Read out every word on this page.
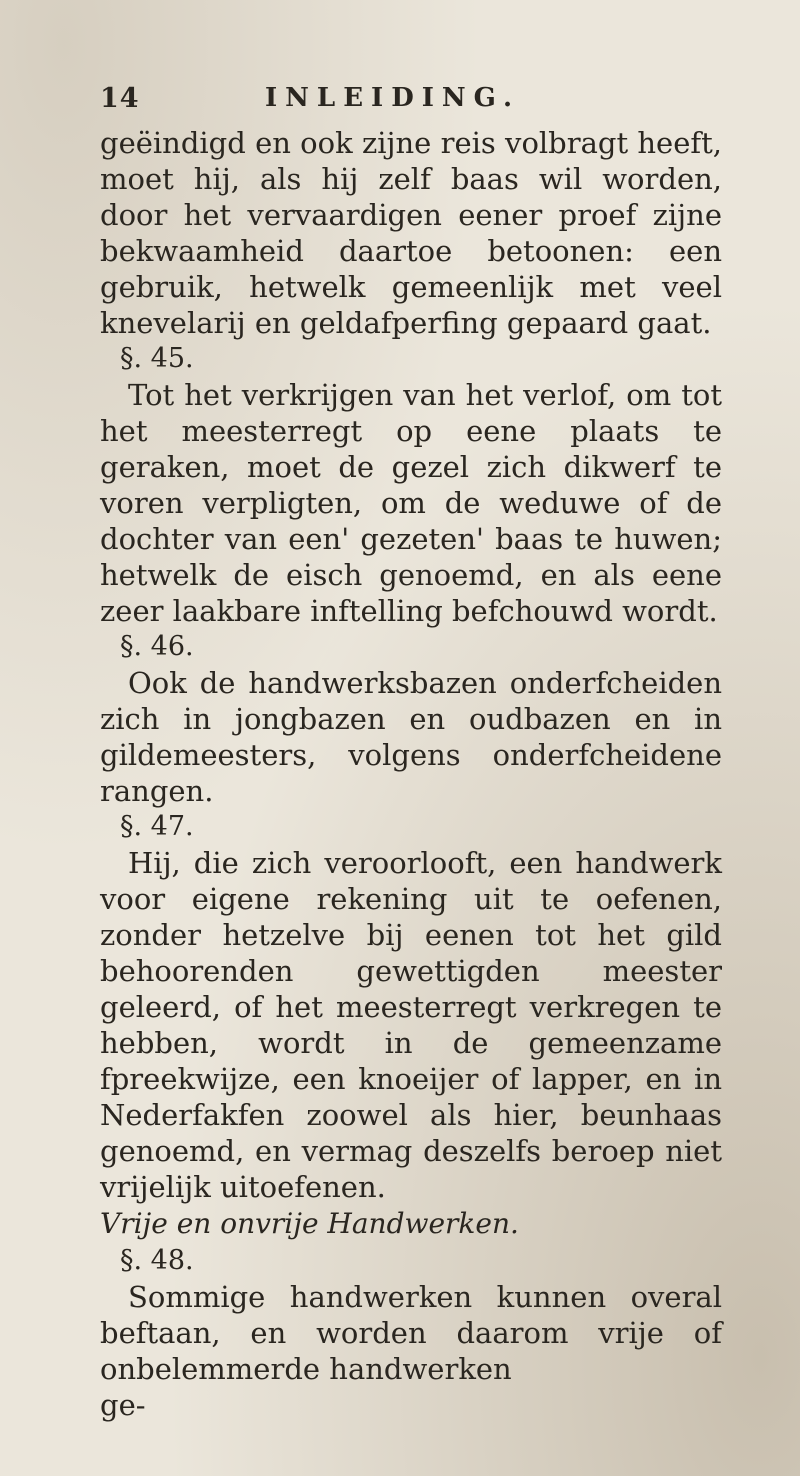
14	INLEIDING.

geëindigd en ook zijne reis volbragt heeft, moet hij, als hij zelf baas wil worden, door het vervaardigen eener proef zijne bekwaamheid daartoe betoonen: een gebruik, hetwelk gemeenlijk met veel knevelarij en geldafperfing gepaard gaat.

§. 45.

Tot het verkrijgen van het verlof, om tot het meesterregt op eene plaats te geraken, moet de gezel zich dikwerf te voren verpligten, om de weduwe of de dochter van een' gezeten' baas te huwen; hetwelk de eisch genoemd, en als eene zeer laakbare inftelling befchouwd wordt.

§. 46.

Ook de handwerksbazen onderfcheiden zich in jongbazen en oudbazen en in gildemeesters, volgens onderfcheidene rangen.

§. 47.

Hij, die zich veroorlooft, een handwerk voor eigene rekening uit te oefenen, zonder hetzelve bij eenen tot het gild behoorenden gewettigden meester geleerd, of het meesterregt verkregen te hebben, wordt in de gemeenzame fpreekwijze, een knoeijer of lapper, en in Nederfakfen zoowel als hier, beunhaas genoemd, en vermag deszelfs beroep niet vrijelijk uitoefenen.

Vrije en onvrije Handwerken.

§. 48.

Sommige handwerken kunnen overal beftaan, en worden daarom vrije of onbelemmerde handwerken

ge-
